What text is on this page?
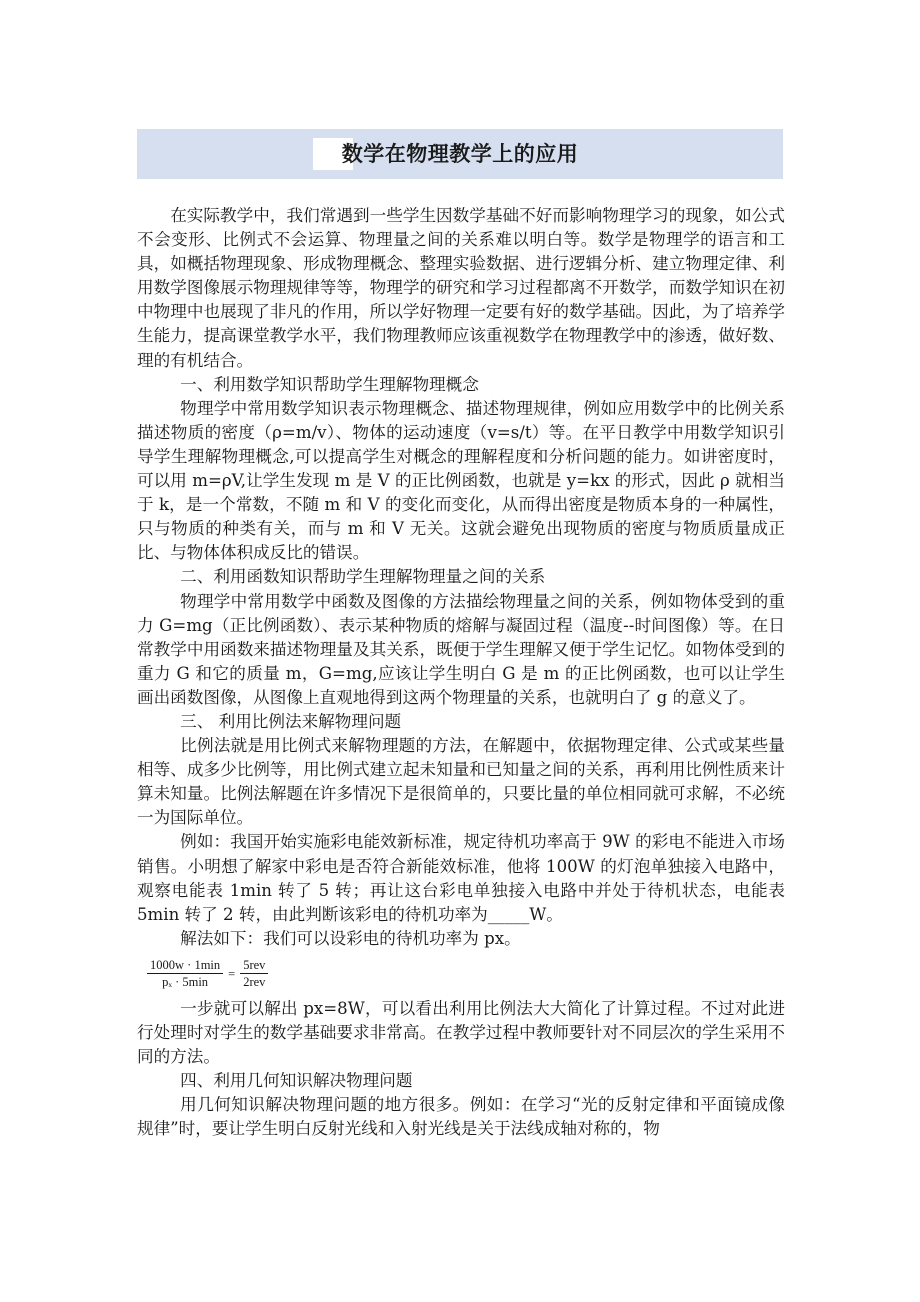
数学在物理教学上的应用

在实际教学中，我们常遇到一些学生因数学基础不好而影响物理学习的现象，如公式不会变形、比例式不会运算、物理量之间的关系难以明白等。数学是物理学的语言和工具，如概括物理现象、形成物理概念、整理实验数据、进行逻辑分析、建立物理定律、利用数学图像展示物理规律等等，物理学的研究和学习过程都离不开数学，而数学知识在初中物理中也展现了非凡的作用，所以学好物理一定要有好的数学基础。因此，为了培养学生能力，提高课堂教学水平，我们物理教师应该重视数学在物理教学中的渗透，做好数、理的有机结合。

一、利用数学知识帮助学生理解物理概念

物理学中常用数学知识表示物理概念、描述物理规律，例如应用数学中的比例关系描述物质的密度（ρ=m/v）、物体的运动速度（v=s/t）等。在平日教学中用数学知识引导学生理解物理概念,可以提高学生对概念的理解程度和分析问题的能力。如讲密度时，可以用 m=ρV,让学生发现 m 是 V 的正比例函数，也就是 y=kx 的形式，因此 ρ 就相当于 k，是一个常数，不随 m 和 V 的变化而变化，从而得出密度是物质本身的一种属性，只与物质的种类有关，而与 m 和 V 无关。这就会避免出现物质的密度与物质质量成正比、与物体体积成反比的错误。

二、利用函数知识帮助学生理解物理量之间的关系

物理学中常用数学中函数及图像的方法描绘物理量之间的关系，例如物体受到的重力 G=mg（正比例函数）、表示某种物质的熔解与凝固过程（温度--时间图像）等。在日常教学中用函数来描述物理量及其关系，既便于学生理解又便于学生记忆。如物体受到的重力 G 和它的质量 m，G=mg,应该让学生明白 G 是 m 的正比例函数，也可以让学生画出函数图像，从图像上直观地得到这两个物理量的关系，也就明白了 g 的意义了。

三、 利用比例法来解物理问题

比例法就是用比例式来解物理题的方法，在解题中，依据物理定律、公式或某些量相等、成多少比例等，用比例式建立起未知量和已知量之间的关系，再利用比例性质来计算未知量。比例法解题在许多情况下是很简单的，只要比量的单位相同就可求解，不必统一为国际单位。

例如：我国开始实施彩电能效新标准，规定待机功率高于 9W 的彩电不能进入市场销售。小明想了解家中彩电是否符合新能效标准，他将 100W 的灯泡单独接入电路中，观察电能表 1min 转了 5 转；再让这台彩电单独接入电路中并处于待机状态，电能表 5min 转了 2 转，由此判断该彩电的待机功率为_____W。

解法如下：我们可以设彩电的待机功率为 px。

$\frac{1000w \cdot 1\min}{\text{pₓ · 5min}} = \frac{\text{5rev}}{\text{2rev}}$

一步就可以解出 px=8W，可以看出利用比例法大大简化了计算过程。不过对此进行处理时对学生的数学基础要求非常高。在教学过程中教师要针对不同层次的学生采用不同的方法。

四、利用几何知识解决物理问题

用几何知识解决物理问题的地方很多。例如：在学习“光的反射定律和平面镜成像规律”时，要让学生明白反射光线和入射光线是关于法线成轴对称的，物
